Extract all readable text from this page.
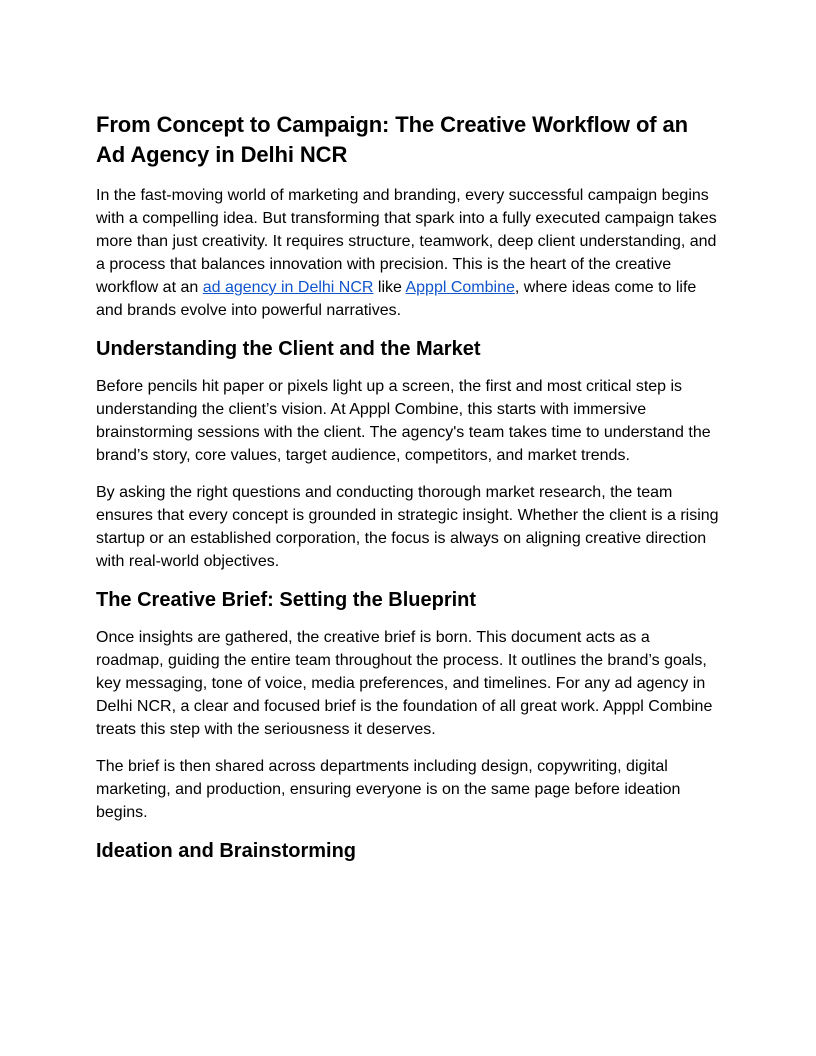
From Concept to Campaign: The Creative Workflow of an Ad Agency in Delhi NCR

In the fast-moving world of marketing and branding, every successful campaign begins with a compelling idea. But transforming that spark into a fully executed campaign takes more than just creativity. It requires structure, teamwork, deep client understanding, and a process that balances innovation with precision. This is the heart of the creative workflow at an ad agency in Delhi NCR like Apppl Combine, where ideas come to life and brands evolve into powerful narratives.

Understanding the Client and the Market

Before pencils hit paper or pixels light up a screen, the first and most critical step is understanding the client’s vision. At Apppl Combine, this starts with immersive brainstorming sessions with the client. The agency's team takes time to understand the brand’s story, core values, target audience, competitors, and market trends.

By asking the right questions and conducting thorough market research, the team ensures that every concept is grounded in strategic insight. Whether the client is a rising startup or an established corporation, the focus is always on aligning creative direction with real-world objectives.

The Creative Brief: Setting the Blueprint

Once insights are gathered, the creative brief is born. This document acts as a roadmap, guiding the entire team throughout the process. It outlines the brand’s goals, key messaging, tone of voice, media preferences, and timelines. For any ad agency in Delhi NCR, a clear and focused brief is the foundation of all great work. Apppl Combine treats this step with the seriousness it deserves.

The brief is then shared across departments including design, copywriting, digital marketing, and production, ensuring everyone is on the same page before ideation begins.

Ideation and Brainstorming
